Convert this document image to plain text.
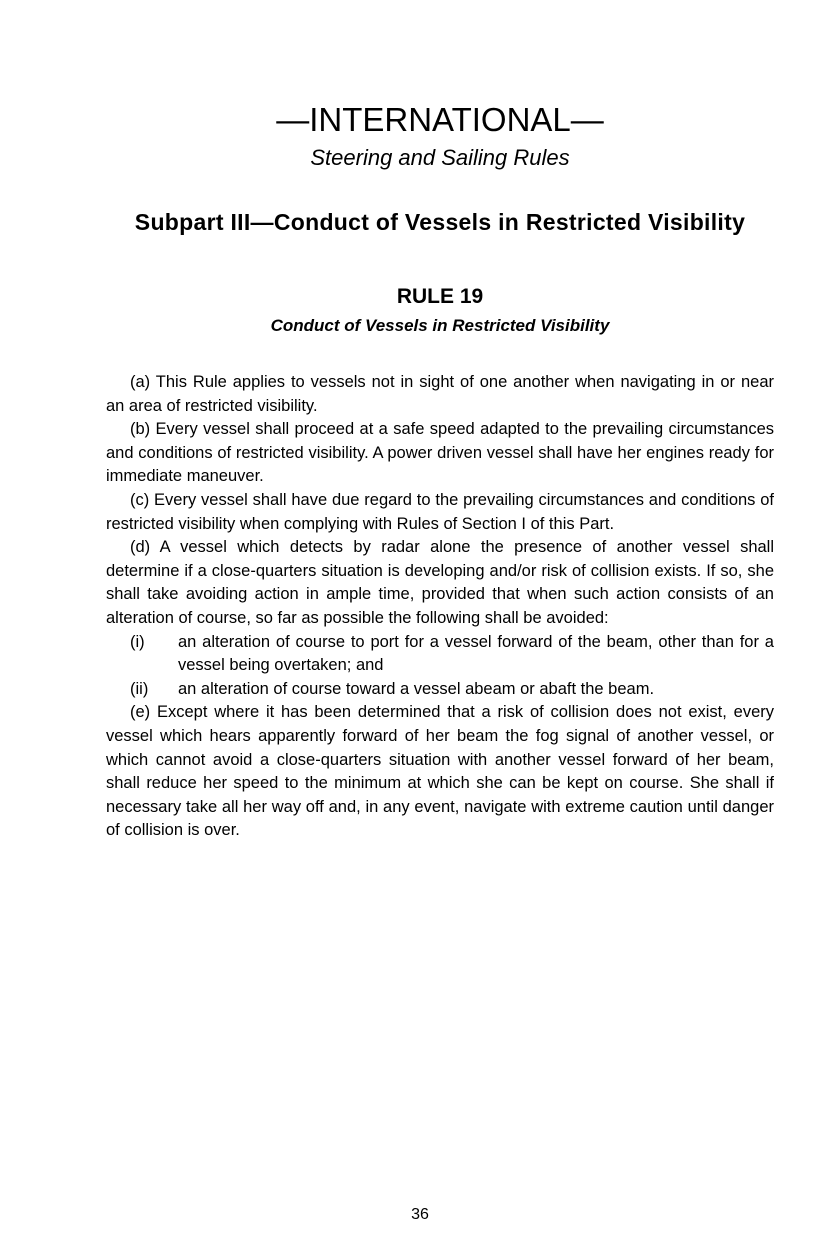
—INTERNATIONAL—
Steering and Sailing Rules
Subpart III—Conduct of Vessels in Restricted Visibility
RULE 19
Conduct of Vessels in Restricted Visibility

(a) This Rule applies to vessels not in sight of one another when navigating in or near an area of restricted visibility.

(b) Every vessel shall proceed at a safe speed adapted to the prevailing circumstances and conditions of restricted visibility. A power driven vessel shall have her engines ready for immediate maneuver.

(c) Every vessel shall have due regard to the prevailing circumstances and conditions of restricted visibility when complying with Rules of Section I of this Part.

(d) A vessel which detects by radar alone the presence of another vessel shall determine if a close-quarters situation is developing and/or risk of collision exists. If so, she shall take avoiding action in ample time, provided that when such action consists of an alteration of course, so far as possible the following shall be avoided:

(i) an alteration of course to port for a vessel forward of the beam, other than for a vessel being overtaken; and

(ii) an alteration of course toward a vessel abeam or abaft the beam.

(e) Except where it has been determined that a risk of collision does not exist, every vessel which hears apparently forward of her beam the fog signal of another vessel, or which cannot avoid a close-quarters situation with another vessel forward of her beam, shall reduce her speed to the minimum at which she can be kept on course. She shall if necessary take all her way off and, in any event, navigate with extreme caution until danger of collision is over.

36
